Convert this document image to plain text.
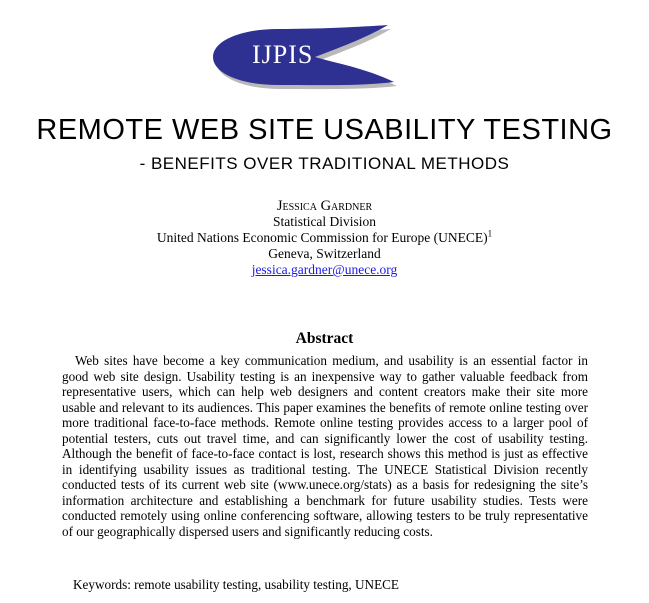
IJPIS
REMOTE WEB SITE USABILITY TESTING
- BENEFITS OVER TRADITIONAL METHODS
Jessica Gardner
Statistical Division
United Nations Economic Commission for Europe (UNECE)$^1$
Geneva, Switzerland
jessica.gardner@unece.org
Abstract
Web sites have become a key communication medium, and usability is an essential factor in good web site design. Usability testing is an inexpensive way to gather valuable feedback from representative users, which can help web designers and content creators make their site more usable and relevant to its audiences. This paper examines the benefits of remote online testing over more traditional face-to-face methods. Remote online testing provides access to a larger pool of potential testers, cuts out travel time, and can significantly lower the cost of usability testing. Although the benefit of face-to-face contact is lost, research shows this method is just as effective in identifying usability issues as traditional testing. The UNECE Statistical Division recently conducted tests of its current web site (www.unece.org/stats) as a basis for redesigning the site’s information architecture and establishing a benchmark for future usability studies. Tests were conducted remotely using online conferencing software, allowing testers to be truly representative of our geographically dispersed users and significantly reducing costs.
Keywords: remote usability testing, usability testing, UNECE
